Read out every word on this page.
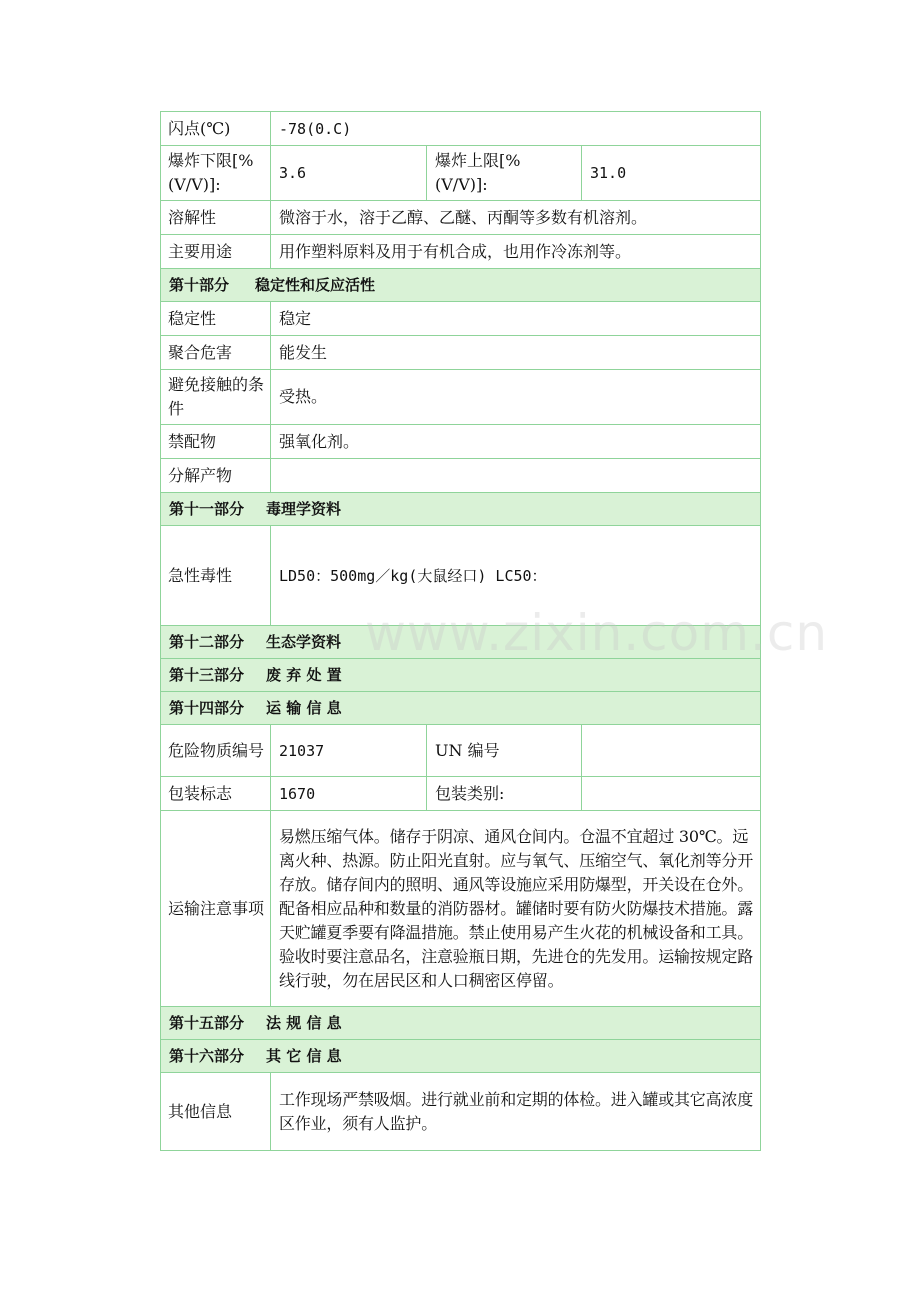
闪点(℃)	-78(0.C)		
爆炸下限[%(V/V)]:	3.6	爆炸上限[%(V/V)]:	31.0
溶解性	微溶于水，溶于乙醇、乙醚、丙酮等多数有机溶剂。		
主要用途	用作塑料原料及用于有机合成，也用作冷冻剂等。		
第十部分 稳定性和反应活性			
稳定性	稳定		
聚合危害	能发生		
避免接触的条件	受热。		
禁配物	强氧化剂。		
分解产物			
第十一部分 毒理学资料			
急性毒性	LD50：500mg／kg(大鼠经口) LC50：		
第十二部分 生态学资料			
第十三部分 废 弃 处 置			
第十四部分 运 输 信 息			
危险物质编号	21037	UN 编号	
包装标志	1670	包装类别:	
运输注意事项	易燃压缩气体。储存于阴凉、通风仓间内。仓温不宜超过 30℃。远离火种、热源。防止阳光直射。应与氧气、压缩空气、氧化剂等分开存放。储存间内的照明、通风等设施应采用防爆型，开关设在仓外。配备相应品种和数量的消防器材。罐储时要有防火防爆技术措施。露天贮罐夏季要有降温措施。禁止使用易产生火花的机械设备和工具。验收时要注意品名，注意验瓶日期，先进仓的先发用。运输按规定路线行驶，勿在居民区和人口稠密区停留。		
第十五部分 法 规 信 息			
第十六部分 其 它 信 息			
其他信息	工作现场严禁吸烟。进行就业前和定期的体检。进入罐或其它高浓度区作业，须有人监护。		
www.zixin.com.cn
